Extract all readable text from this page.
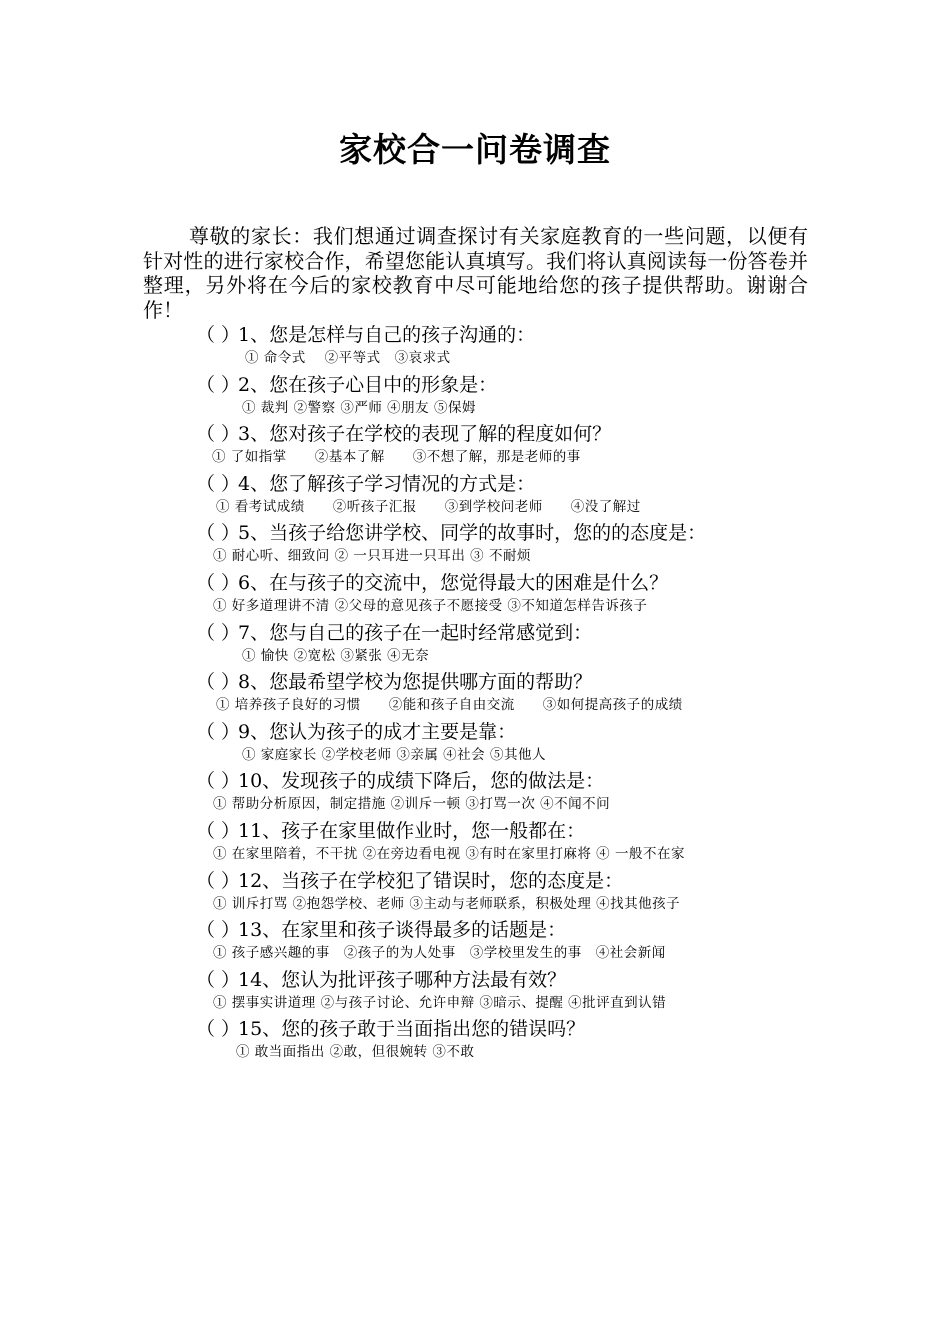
家校合一问卷调查
尊敬的家长：我们想通过调查探讨有关家庭教育的一些问题，以便有针对性的进行家校合作，希望您能认真填写。我们将认真阅读每一份答卷并整理，另外将在今后的家校教育中尽可能地给您的孩子提供帮助。谢谢合作！
（ ）1、您是怎样与自己的孩子沟通的：
① 命令式　 ②平等式　③哀求式
（ ）2、您在孩子心目中的形象是：
① 裁判 ②警察 ③严师 ④朋友 ⑤保姆
（ ）3、您对孩子在学校的表现了解的程度如何？
① 了如指掌　　②基本了解　　③不想了解，那是老师的事
（ ）4、您了解孩子学习情况的方式是：
① 看考试成绩　　②听孩子汇报　　③到学校问老师　　④没了解过
（ ）5、当孩子给您讲学校、同学的故事时，您的的态度是：
① 耐心听、细致问 ② 一只耳进一只耳出 ③ 不耐烦
（ ）6、在与孩子的交流中，您觉得最大的困难是什么？
① 好多道理讲不清 ②父母的意见孩子不愿接受 ③不知道怎样告诉孩子
（ ）7、您与自己的孩子在一起时经常感觉到：
① 愉快 ②宽松 ③紧张 ④无奈
（ ）8、您最希望学校为您提供哪方面的帮助？
① 培养孩子良好的习惯　　②能和孩子自由交流　　③如何提高孩子的成绩
（ ）9、您认为孩子的成才主要是靠：
① 家庭家长 ②学校老师 ③亲属 ④社会 ⑤其他人
（ ）10、发现孩子的成绩下降后，您的做法是：
① 帮助分析原因，制定措施 ②训斥一顿 ③打骂一次 ④不闻不问
（ ）11、孩子在家里做作业时，您一般都在：
① 在家里陪着，不干扰 ②在旁边看电视 ③有时在家里打麻将 ④ 一般不在家
（ ）12、当孩子在学校犯了错误时，您的态度是：
① 训斥打骂 ②抱怨学校、老师 ③主动与老师联系，积极处理 ④找其他孩子
（ ）13、在家里和孩子谈得最多的话题是：
① 孩子感兴趣的事　②孩子的为人处事　③学校里发生的事　④社会新闻
（ ）14、您认为批评孩子哪种方法最有效？
① 摆事实讲道理 ②与孩子讨论、允许申辩 ③暗示、提醒 ④批评直到认错
（ ）15、您的孩子敢于当面指出您的错误吗？
① 敢当面指出 ②敢，但很婉转 ③不敢
